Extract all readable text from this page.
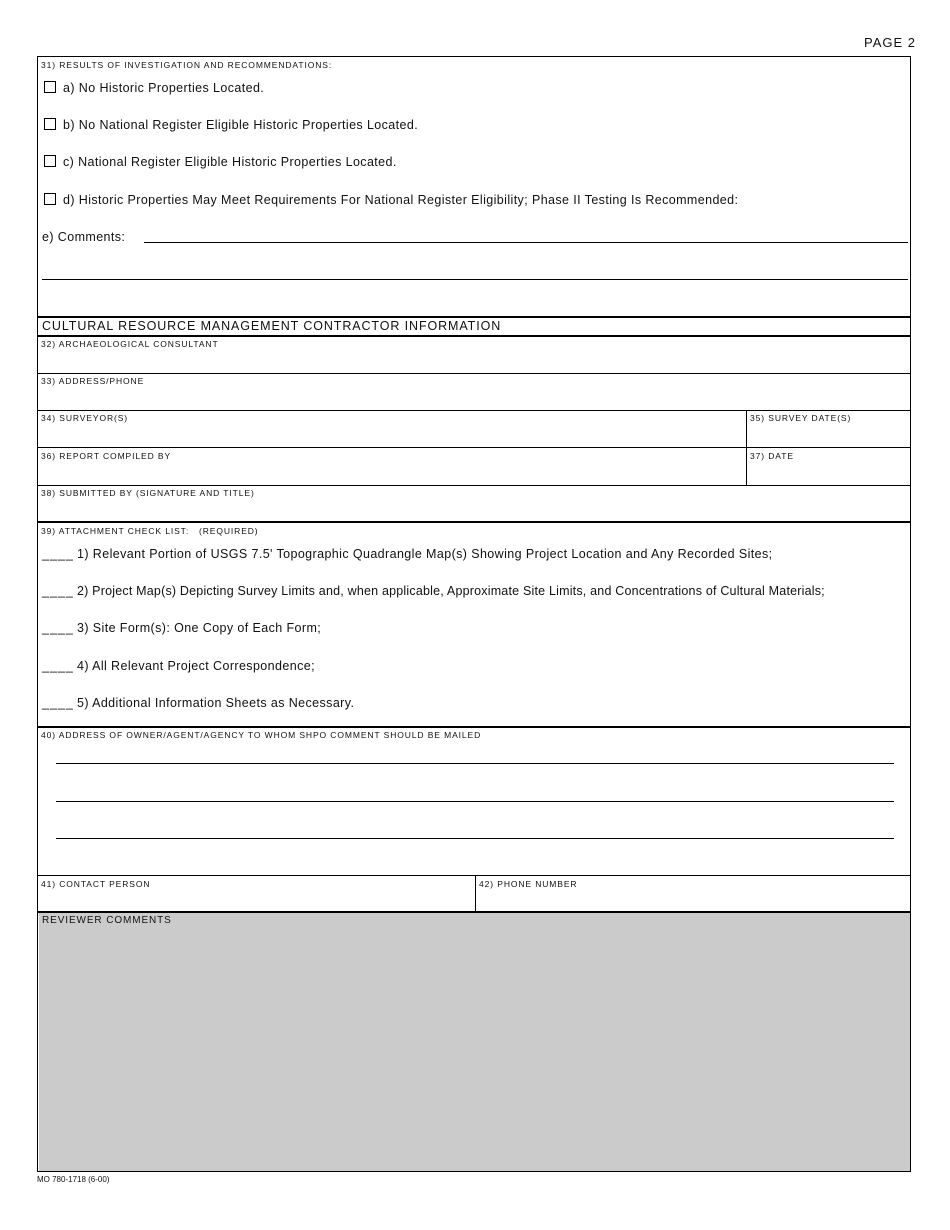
PAGE 2
31) RESULTS OF INVESTIGATION AND RECOMMENDATIONS:
a) No Historic Properties Located.
b) No National Register Eligible Historic Properties Located.
c) National Register Eligible Historic Properties Located.
d) Historic Properties May Meet Requirements For National Register Eligibility; Phase II Testing Is Recommended:
e) Comments:
CULTURAL RESOURCE MANAGEMENT CONTRACTOR INFORMATION
32) ARCHAEOLOGICAL CONSULTANT
33) ADDRESS/PHONE
34) SURVEYOR(S)	35) SURVEY DATE(S)
36) REPORT COMPILED BY	37) DATE
38) SUBMITTED BY (SIGNATURE AND TITLE)
39) ATTACHMENT CHECK LIST: (REQUIRED)
____ 1) Relevant Portion of USGS 7.5' Topographic Quadrangle Map(s) Showing Project Location and Any Recorded Sites;
____ 2) Project Map(s) Depicting Survey Limits and, when applicable, Approximate Site Limits, and Concentrations of Cultural Materials;
____ 3) Site Form(s): One Copy of Each Form;
____ 4) All Relevant Project Correspondence;
____ 5) Additional Information Sheets as Necessary.
40) ADDRESS OF OWNER/AGENT/AGENCY TO WHOM SHPO COMMENT SHOULD BE MAILED
41) CONTACT PERSON	42) PHONE NUMBER
REVIEWER COMMENTS
MO 780-1718 (6-00)
